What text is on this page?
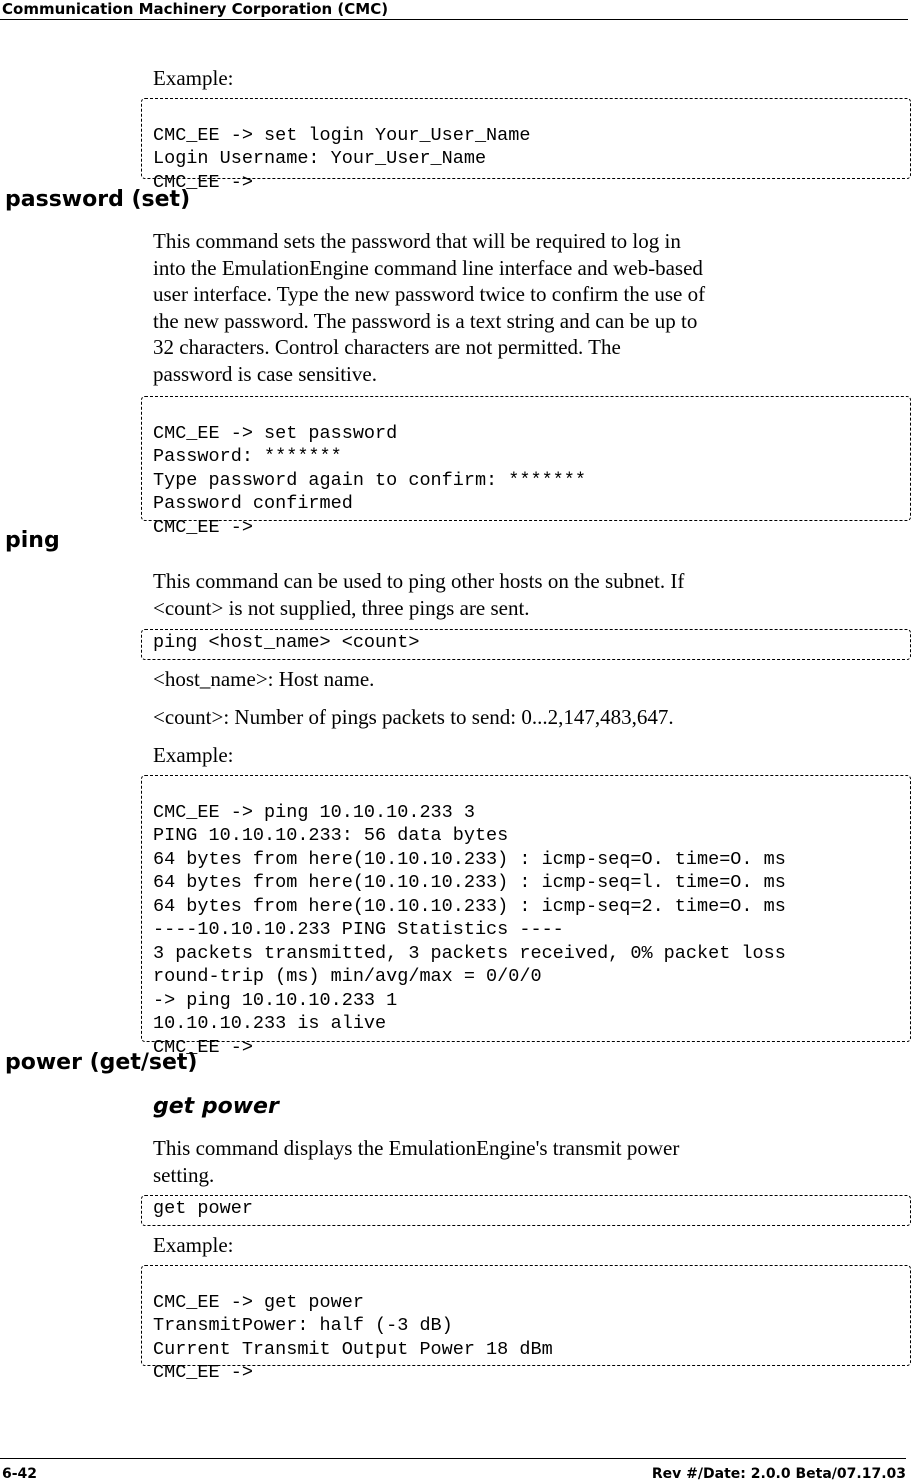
Communication Machinery Corporation (CMC)
Example:

CMC_EE -> set login Your_User_Name
Login Username: Your_User_Name
CMC_EE ->
password (set)
This command sets the password that will be required to log in
into the EmulationEngine command line interface and web-based
user interface. Type the new password twice to confirm the use of
the new password. The password is a text string and can be up to
32 characters. Control characters are not permitted. The
password is case sensitive.

CMC_EE -> set password
Password: *******
Type password again to confirm: *******
Password confirmed
CMC_EE ->
ping
This command can be used to ping other hosts on the subnet. If
<count> is not supplied, three pings are sent.
ping <host_name> <count>
<host_name>: Host name.
<count>: Number of pings packets to send: 0...2,147,483,647.
Example:

CMC_EE -> ping 10.10.10.233 3
PING 10.10.10.233: 56 data bytes
64 bytes from here(10.10.10.233) : icmp-seq=O. time=O. ms
64 bytes from here(10.10.10.233) : icmp-seq=l. time=O. ms
64 bytes from here(10.10.10.233) : icmp-seq=2. time=O. ms
----10.10.10.233 PING Statistics ----
3 packets transmitted, 3 packets received, 0% packet loss
round-trip (ms) min/avg/max = 0/0/0
-> ping 10.10.10.233 1
10.10.10.233 is alive
CMC_EE ->
power (get/set)
get power
This command displays the EmulationEngine's transmit power
setting.
get power
Example:

CMC_EE -> get power
TransmitPower: half (-3 dB)
Current Transmit Output Power 18 dBm
CMC_EE ->
6-42	Rev #/Date: 2.0.0 Beta/07.17.03
